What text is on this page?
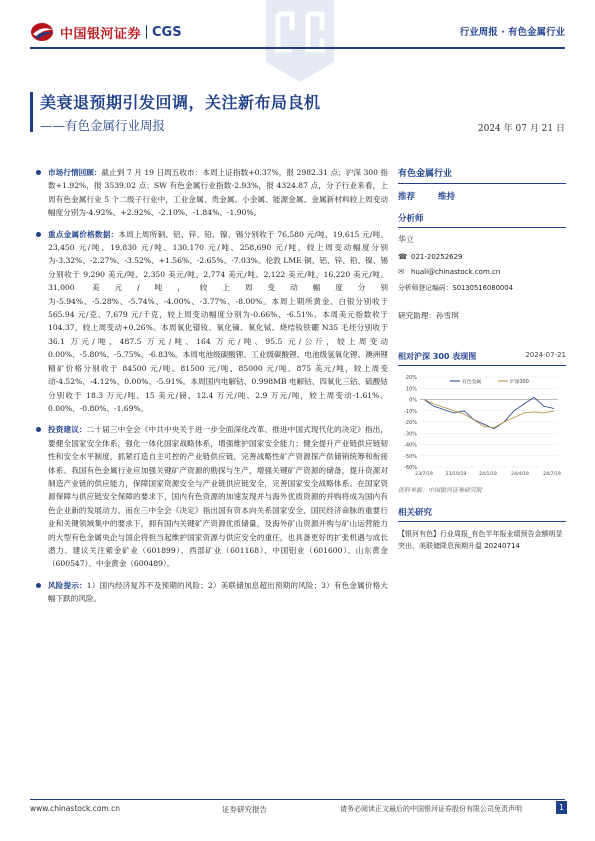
中国银河证券 CGS	行业周报 · 有色金属行业
美衰退预期引发回调，关注新布局良机
——有色金属行业周报	2024 年 07 月 21 日
市场行情回顾：截止到 7 月 19 日周五收市：本周上证指数+0.37%，报 2982.31 点；沪深 300 指数+1.92%，报 3539.02 点；SW 有色金属行业指数-2.93%，报 4324.87 点，分子行业来看，上周有色金属行业 5 个二级子行业中，工业金属、贵金属、小金属、能源金属、金属新材料较上周变动幅度分别为-4.92%、+2.92%、-2.10%、-1.84%、-1.90%。
重点金属价格数据：本周上周所铜、铝、锌、铅、镍、锡分别收于 76,580 元/吨、19,615 元/吨、23,450 元/吨、19,830 元/吨、130,170 元/吨、258,690 元/吨，较上周变动幅度分别为-3.32%、-2.27%、-3.52%、+1.56%、-2.65%、-7.03%。伦敦 LME 铜、铝、锌、铅、镍、锡分别收于 9,290 美元/吨、2,350 美元/吨、2,774 美元/吨、2,122 美元/吨、16,220 美元/吨、31,000 美元/吨，较上周变动幅度分别为-5.94%、-5.28%、-5.74%、-4.00%、-3.77%、-8.00%。本周上期所黄金、白银分别收于 565.94 元/克、7,679 元/千克，较上周变动幅度分别为-0.66%、-6.51%。本周美元指数收于 104.37，较上周变动+0.26%。本周氧化镨钕、氧化镝、氧化铽、烧结钕铁硼 N35 毛坯分别收于 36.1 万元/吨、487.5 万元/吨、164 万元/吨、95.5 元/公斤，较上周变动 0.00%、-5.80%、-5.75%、-6.83%。本周电池级碳酸锂、工业级碳酸锂、电池级氢氧化锂、澳洲锂精矿价格分别收于 84500 元/吨、81500 元/吨、85000 元/吨、875 美元/吨，较上周变动-4.52%、-4.12%、0.00%、-5.91%。本周国内电解钴、0.998MB 电解钴、四氧化三钴、硫酸钴分别收于 18.3 万元/吨、15 美元/磅、12.4 万元/吨、2.9 万元/吨，较上周变动-1.61%、0.00%、-0.80%、-1.69%。
投资建议：二十届三中全会《中共中央关于进一步全面深化改革、推进中国式现代化的决定》指出，要健全国家安全体系，强化一体化国家战略体系，增强维护国家安全能力；健全提升产业链供应链韧性和安全水平制度，抓紧打造自主可控的产业链供应链，完善战略性矿产资源探产供储销统筹和衔接体系。我国有色金属行业应加强关键矿产资源的勘探与生产，增强关键矿产资源的储备，提升资源对制造产业链的供应能力，保障国家资源安全与产业链供应链安全，完善国家安全战略体系。在国家资源保障与供应链安全保障的要求下，国内有色资源的加速发现并与海外优质资源的并购将成为国内有色企业新的发展动力。而在三中全会《决定》指出国有资本向关系国家安全、国民经济命脉的重要行业和关键领域集中的要求下，拥有国内关键矿产资源优质储量，及海外矿山资源并购与矿山运营能力的大型有色金属央企与国企将担当起维护国家资源与供应安全的重任，也具备更好的扩张机遇与成长潜力。建议关注紫金矿业（601899）、西部矿业（601168）、中国铝业（601600）、山东黄金（600547）、中金黄金（600489）。
风险提示：1）国内经济复苏不及预期的风险；2）美联储加息超出预期的风险；3）有色金属价格大幅下跌的风险。
有色金属行业
推荐	维持
分析师
华立
☎ 021-20252629
✉ huali@chinastock.com.cn
分析师登记编码：S0130516080004
研究助理：孙雪琪
相对沪深 300 表现图	2024-07-21
20%
10%
0%
-10%
-20%
-30%
-40%
-50%
-60%
23/7/19	23/10/19	24/1/19	24/4/19	24/7/19
有色金属	沪深300
资料来源：中国银河证券研究院
相关研究
【银河有色】行业周报_有色半年报业绩预告金额明显突出，美联储降息预期升温 20240714
www.chinastock.com.cn	证券研究报告	请务必阅读正文最后的中国银河证券股份有限公司免责声明	1
